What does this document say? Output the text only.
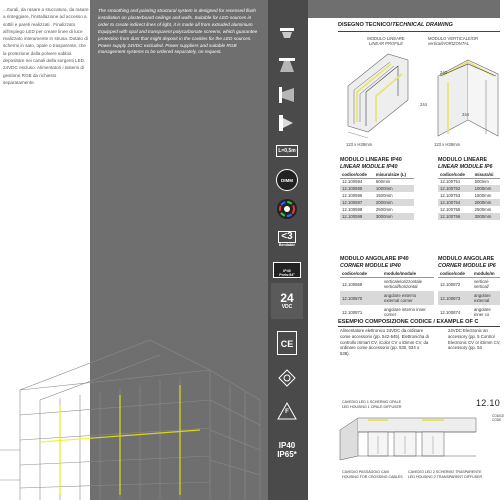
...rturali, da rasare a stuccatura, da rasare a rinteggiare, l'installazione ad accesso a sottili e pareti realizzati . Finalizzato all'impiego LED per creare linee di luce realizzato interamente in strusa. Dotato di schermi in sato, opale o trasparente, che la protezione dalla polvere sabbia depositare nei canali della sorgenti LED. 24VDC escluso. Alimentatori i sistemi di gestione RGB da richiesto separatamente.

The smoothing and painting structural system is designed for recessed flush installation on plasterboard ceilings and walls. Suitable for LED sources in order to create indirect lines of light, it is made all from extruded aluminium. Equipped with opal and transparent polycarbonate screens, which guarantee protection from dust that might deposit in the cavities for the LED sources. Power supply 24VDC excluded. Power suppliers and suitable RGB management systems to be ordered separately, on request.

L=0,5m
DIMM
<3
Bendable
IP40
Preis:54°
24
VDC
CE
F
IP40
IP65*
DISEGNO TECNICO/TECHNICAL DRAWING
MODULO LINEARE
LINEAR PROFILE
MODULO VERTICALE/OR
vertical/HORIZONTAL
123 x H38mm
243
244
244
123 x H38mm
MODULO LINEARE IP40
LINEAR MODULE IP40
codice/code	misura/size (L)
12.100594	500mm
12.100595	1000mm
12.100596	1500mm
12.100597	2000mm
12.100598	2500mm
12.100599	3000mm
MODULO LINEARE
LINEAR MODULE IP6
codice/code	misura/si
12.100751	500mm
12.100752	1000mm
12.100753	1500mm
12.100754	2000mm
12.100755	2500mm
12.100756	3000mm
MODULO ANGOLARE IP40
CORNER MODULE IP40
codice/code	modulo/module
12.100869	verticale/orizzontale vertical/horizontal
12.100870	angolare esterno external corner
12.100871	angolare interno inner corner
MODULO ANGOLARE
CORNER MODULE IP6
codice/code	modulo/m
12.100872	vertical- vertical/
12.100873	angolare external
12.100874	angolare inner co
ESEMPIO COMPOSIZIONE CODICE / EXAMPLE OF C

Alimentatore elettronico 24VDC da ordinare come accessorio (pp. 542-545). Elettronicha di controllo iSmart CV, iColor CV o iDimm CV, da ordinare come accessorio (pp. 530, 534 o 538).

24VDC Electronic an accessory (pp. 5 Control Electronic CV or iDimm CV, accessory (pp. 53

CAVEDIO LED 1 SCHERMO OPALE
LED HOUSING 1 OPALE DIFFUSER
CAVEDIO PASSAGGIO CAVI
HOUSING FOR CROSSING CABLES
CAVEDIO LED 2 SCHERMO TRASPARENTE
LED HOUSING 2 TRANSPARENT DIFFUSER
12.10
CODICE
CODE
